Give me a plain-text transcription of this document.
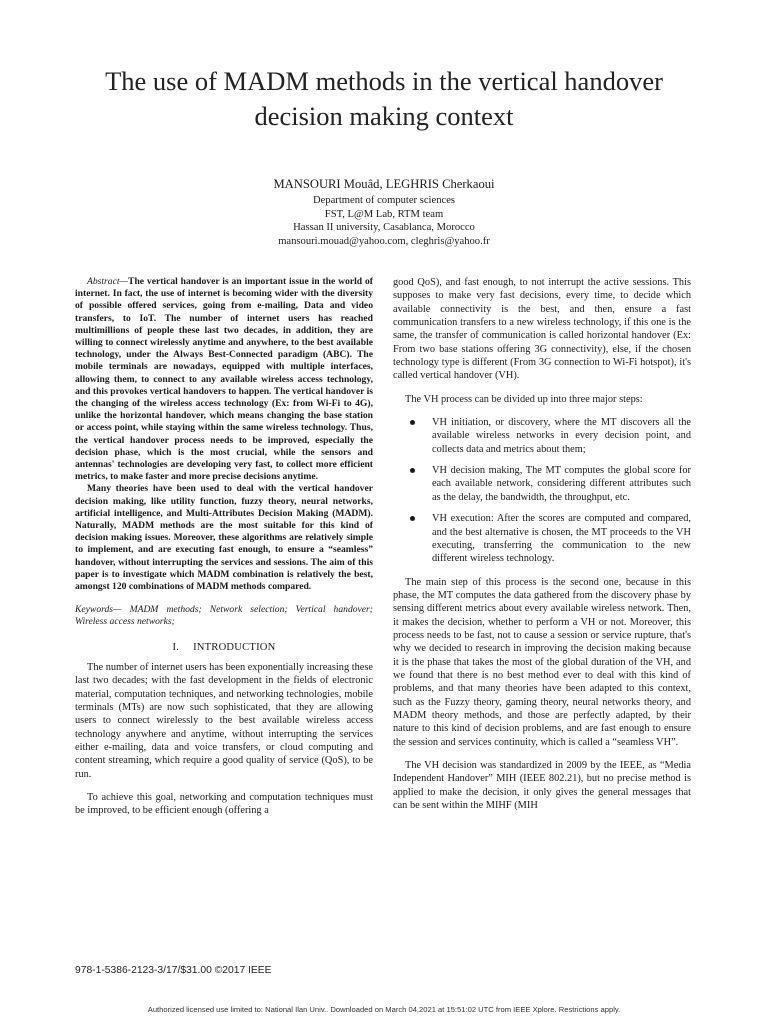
The use of MADM methods in the vertical handover decision making context
MANSOURI Mouâd, LEGHRIS Cherkaoui
Department of computer sciences
FST, L@M Lab, RTM team
Hassan II university, Casablanca, Morocco
mansouri.mouad@yahoo.com, cleghris@yahoo.fr

Abstract—The vertical handover is an important issue in the world of internet. In fact, the use of internet is becoming wider with the diversity of possible offered services, going from e-mailing, Data and video transfers, to IoT. The number of internet users has reached multimillions of people these last two decades, in addition, they are willing to connect wirelessly anytime and anywhere, to the best available technology, under the Always Best-Connected paradigm (ABC). The mobile terminals are nowadays, equipped with multiple interfaces, allowing them, to connect to any available wireless access technology, and this provokes vertical handovers to happen. The vertical handover is the changing of the wireless access technology (Ex: from Wi-Fi to 4G), unlike the horizontal handover, which means changing the base station or access point, while staying within the same wireless technology. Thus, the vertical handover process needs to be improved, especially the decision phase, which is the most crucial, while the sensors and antennas' technologies are developing very fast, to collect more efficient metrics, to make faster and more precise decisions anytime.

Many theories have been used to deal with the vertical handover decision making, like utility function, fuzzy theory, neural networks, artificial intelligence, and Multi-Attributes Decision Making (MADM). Naturally, MADM methods are the most suitable for this kind of decision making issues. Moreover, these algorithms are relatively simple to implement, and are executing fast enough, to ensure a “seamless” handover, without interrupting the services and sessions. The aim of this paper is to investigate which MADM combination is relatively the best, amongst 120 combinations of MADM methods compared.

Keywords— MADM methods; Network selection; Vertical handover; Wireless access networks;
I. INTRODUCTION

The number of internet users has been exponentially increasing these last two decades; with the fast development in the fields of electronic material, computation techniques, and networking technologies, mobile terminals (MTs) are now such sophisticated, that they are allowing users to connect wirelessly to the best available wireless access technology anywhere and anytime, without interrupting the services either e-mailing, data and voice transfers, or cloud computing and content streaming, which require a good quality of service (QoS), to be run.

To achieve this goal, networking and computation techniques must be improved, to be efficient enough (offering a

good QoS), and fast enough, to not interrupt the active sessions. This supposes to make very fast decisions, every time, to decide which available connectivity is the best, and then, ensure a fast communication transfers to a new wireless technology, if this one is the same, the transfer of communication is called horizontal handover (Ex: From two base stations offering 3G connectivity), else, if the chosen technology type is different (From 3G connection to Wi-Fi hotspot), it's called vertical handover (VH).

The VH process can be divided up into three major steps:

VH initiation, or discovery, where the MT discovers all the available wireless networks in every decision point, and collects data and metrics about them;
VH decision making, The MT computes the global score for each available network, considering different attributes such as the delay, the bandwidth, the throughput, etc.
VH execution: After the scores are computed and compared, and the best alternative is chosen, the MT proceeds to the VH executing, transferring the communication to the new different wireless technology.

The main step of this process is the second one, because in this phase, the MT computes the data gathered from the discovery phase by sensing different metrics about every available wireless network. Then, it makes the decision, whether to perform a VH or not. Moreover, this process needs to be fast, not to cause a session or service rupture, that's why we decided to research in improving the decision making because it is the phase that takes the most of the global duration of the VH, and we found that there is no best method ever to deal with this kind of problems, and that many theories have been adapted to this context, such as the Fuzzy theory, gaming theory, neural networks theory, and MADM theory methods, and those are perfectly adapted, by their nature to this kind of decision problems, and are fast enough to ensure the session and services continuity, which is called a “seamless VH”.

The VH decision was standardized in 2009 by the IEEE, as “Media Independent Handover” MIH (IEEE 802.21), but no precise method is applied to make the decision, it only gives the general messages that can be sent within the MIHF (MIH

978-1-5386-2123-3/17/$31.00 ©2017 IEEE
Authorized licensed use limited to: National Ilan Univ.. Downloaded on March 04,2021 at 15:51:02 UTC from IEEE Xplore. Restrictions apply.
